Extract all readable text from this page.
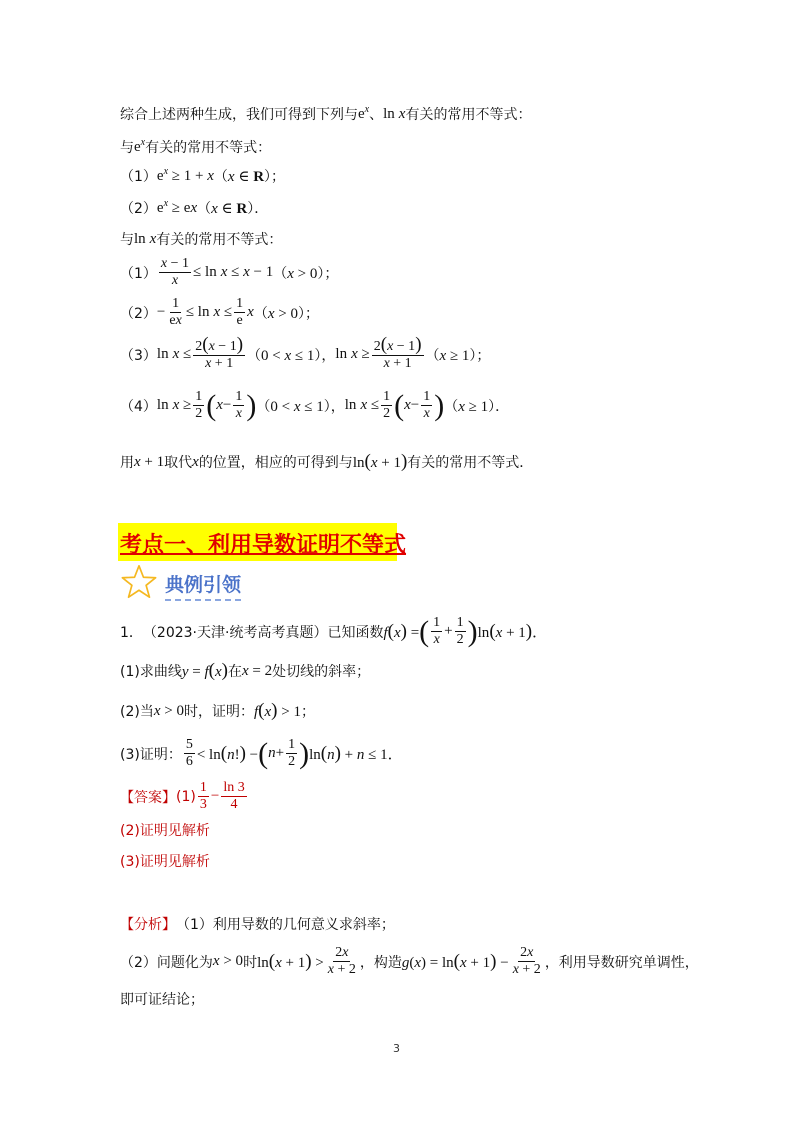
综合上述两种生成，我们可得到下列与 $e^x$ 、 ln x 有关的常用不等式：
与 $e^x$ 有关的常用不等式：
（1） $e^x \ge 1 + x$ （x ∈ R）；
（2） $e^x$ ≥ ex （x ∈ R）．
与 ln x 有关的常用不等式：
$(1) \frac{x - 1}{x} \le \ln x \le x - 1$ （x > 0）；
$(2) - \frac{1}{ex} \le \ln x \le \frac{1}{e}$ x （x > 0）；
（3） $\ln x \le \frac{2(x - 1)}{x + 1} (0 < x \le 1)$， $\ln x \ge \frac{2(x - 1)}{x + 1} (x \ge 1)$；
（4） $\ln x \ge \frac{1}{2}$ ( $x - \frac{1}{x}$ ) （0 < x ≤ 1）， $\ln x \le \frac{1}{2}$ ( $x - \frac{1}{x}$ ) （x ≥ 1）．
用 x + 1 取代 x 的位置，相应的可得到与 ln(x + 1) 有关的常用不等式．
考点一、利用导数证明不等式
典例引领
1． （2023·天津·统考高考真题）已知函数 f(x) = ( $\frac{1}{x} + \frac{1}{2}$ ) ln(x + 1)．
(1)求曲线 y = f(x) 在 x = 2 处切线的斜率；
(2)当 x > 0 时，证明： f(x) > 1 ；
(3)证明： $\frac{5}{6} < \ln(n!)$ − ( $n + \frac{1}{2}$ ) ln(n) + n ≤ 1．
【答案】 $(1) \frac{1}{3} - \frac{\ln 3}{4}$
(2)证明见解析
(3)证明见解析
【分析】 （1）利用导数的几何意义求斜率；
（2）问题化为 x > 0 时 $\ln(x + 1) > \frac{2x}{x + 2}$ ，构造 $g(x) = \ln(x + 1) - \frac{2x}{x + 2}$ ，利用导数研究单调性，
即可证结论；
3
